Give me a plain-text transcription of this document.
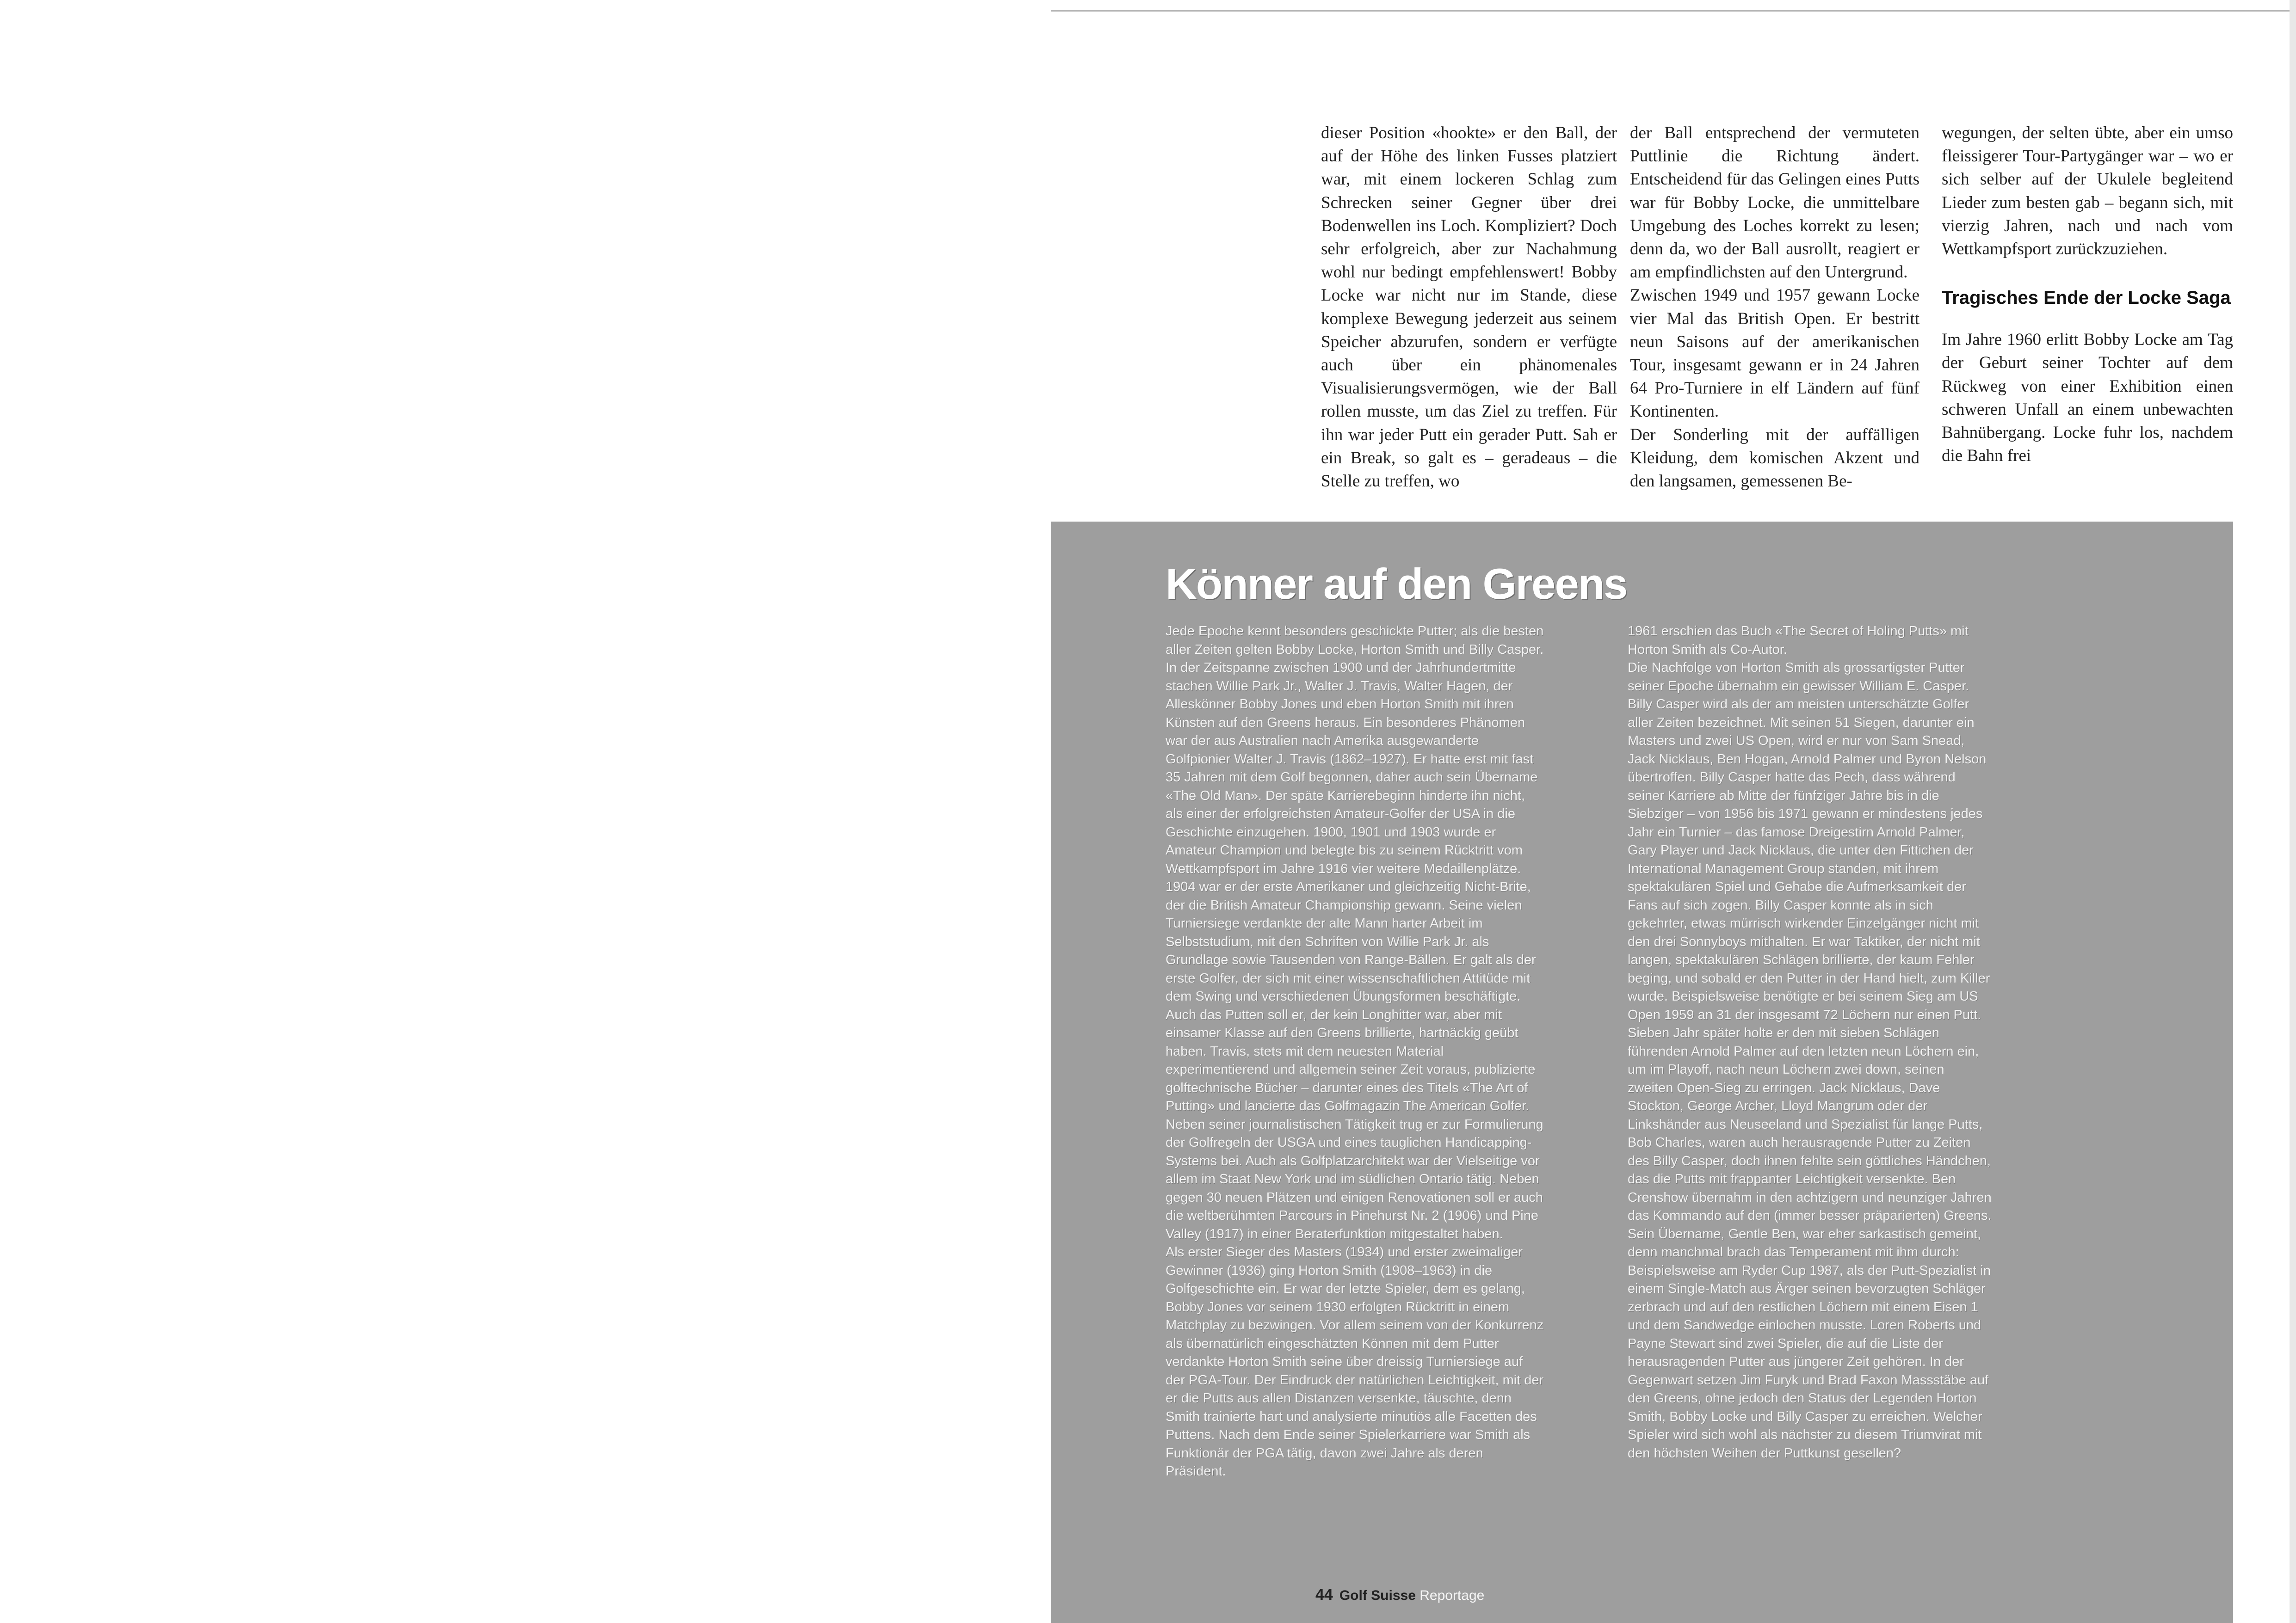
dieser Position «hookte» er den Ball, der auf der Höhe des linken Fusses platziert war, mit einem lockeren Schlag zum Schrecken seiner Gegner über drei Bodenwellen ins Loch. Kompliziert? Doch sehr erfolgreich, aber zur Nachahmung wohl nur bedingt empfehlenswert! Bobby Locke war nicht nur im Stande, diese komplexe Bewegung jederzeit aus seinem Speicher abzurufen, sondern er verfügte auch über ein phänomenales Visualisierungsvermögen, wie der Ball rollen musste, um das Ziel zu treffen. Für ihn war jeder Putt ein gerader Putt. Sah er ein Break, so galt es – geradeaus – die Stelle zu treffen, wo

der Ball entsprechend der vermuteten Puttlinie die Richtung ändert. Entscheidend für das Gelingen eines Putts war für Bobby Locke, die unmittelbare Umgebung des Loches korrekt zu lesen; denn da, wo der Ball ausrollt, reagiert er am empfindlichsten auf den Untergrund.

Zwischen 1949 und 1957 gewann Locke vier Mal das British Open. Er bestritt neun Saisons auf der amerikanischen Tour, insgesamt gewann er in 24 Jahren 64 Pro-Turniere in elf Ländern auf fünf Kontinenten.

Der Sonderling mit der auffälligen Kleidung, dem komischen Akzent und den langsamen, gemessenen Be-

wegungen, der selten übte, aber ein umso fleissigerer Tour-Partygänger war – wo er sich selber auf der Ukulele begleitend Lieder zum besten gab – begann sich, mit vierzig Jahren, nach und nach vom Wettkampfsport zurückzuziehen.

Tragisches Ende der Locke Saga

Im Jahre 1960 erlitt Bobby Locke am Tag der Geburt seiner Tochter auf dem Rückweg von einer Exhibition einen schweren Unfall an einem unbewachten Bahnübergang. Locke fuhr los, nachdem die Bahn frei

Könner auf den Greens

Jede Epoche kennt besonders geschickte Putter; als die besten aller Zeiten gelten Bobby Locke, Horton Smith und Billy Casper. In der Zeitspanne zwischen 1900 und der Jahrhundertmitte stachen Willie Park Jr., Walter J. Travis, Walter Hagen, der Alleskönner Bobby Jones und eben Horton Smith mit ihren Künsten auf den Greens heraus. Ein besonderes Phänomen war der aus Australien nach Amerika ausgewanderte Golfpionier Walter J. Travis (1862–1927). Er hatte erst mit fast 35 Jahren mit dem Golf begonnen, daher auch sein Übername «The Old Man». Der späte Karrierebeginn hinderte ihn nicht, als einer der erfolgreichsten Amateur-Golfer der USA in die Geschichte einzugehen. 1900, 1901 und 1903 wurde er Amateur Champion und belegte bis zu seinem Rücktritt vom Wettkampfsport im Jahre 1916 vier weitere Medaillenplätze. 1904 war er der erste Amerikaner und gleichzeitig Nicht-Brite, der die British Amateur Championship gewann. Seine vielen Turniersiege verdankte der alte Mann harter Arbeit im Selbststudium, mit den Schriften von Willie Park Jr. als Grundlage sowie Tausenden von Range-Bällen. Er galt als der erste Golfer, der sich mit einer wissenschaftlichen Attitüde mit dem Swing und verschiedenen Übungsformen beschäftigte. Auch das Putten soll er, der kein Longhitter war, aber mit einsamer Klasse auf den Greens brillierte, hartnäckig geübt haben. Travis, stets mit dem neuesten Material experimentierend und allgemein seiner Zeit voraus, publizierte golftechnische Bücher – darunter eines des Titels «The Art of Putting» und lancierte das Golfmagazin The American Golfer. Neben seiner journalistischen Tätigkeit trug er zur Formulierung der Golfregeln der USGA und eines tauglichen Handicapping-Systems bei. Auch als Golfplatzarchitekt war der Vielseitige vor allem im Staat New York und im südlichen Ontario tätig. Neben gegen 30 neuen Plätzen und einigen Renovationen soll er auch die weltberühmten Parcours in Pinehurst Nr. 2 (1906) und Pine Valley (1917) in einer Beraterfunktion mitgestaltet haben.

Als erster Sieger des Masters (1934) und erster zweimaliger Gewinner (1936) ging Horton Smith (1908–1963) in die Golfgeschichte ein. Er war der letzte Spieler, dem es gelang, Bobby Jones vor seinem 1930 erfolgten Rücktritt in einem Matchplay zu bezwingen. Vor allem seinem von der Konkurrenz als übernatürlich eingeschätzten Können mit dem Putter verdankte Horton Smith seine über dreissig Turniersiege auf der PGA-Tour. Der Eindruck der natürlichen Leichtigkeit, mit der er die Putts aus allen Distanzen versenkte, täuschte, denn Smith trainierte hart und analysierte minutiös alle Facetten des Puttens. Nach dem Ende seiner Spielerkarriere war Smith als Funktionär der PGA tätig, davon zwei Jahre als deren Präsident.

1961 erschien das Buch «The Secret of Holing Putts» mit Horton Smith als Co-Autor.

Die Nachfolge von Horton Smith als grossartigster Putter seiner Epoche übernahm ein gewisser William E. Casper. Billy Casper wird als der am meisten unterschätzte Golfer aller Zeiten bezeichnet. Mit seinen 51 Siegen, darunter ein Masters und zwei US Open, wird er nur von Sam Snead, Jack Nicklaus, Ben Hogan, Arnold Palmer und Byron Nelson übertroffen. Billy Casper hatte das Pech, dass während seiner Karriere ab Mitte der fünfziger Jahre bis in die Siebziger – von 1956 bis 1971 gewann er mindestens jedes Jahr ein Turnier – das famose Dreigestirn Arnold Palmer, Gary Player und Jack Nicklaus, die unter den Fittichen der International Management Group standen, mit ihrem spektakulären Spiel und Gehabe die Aufmerksamkeit der Fans auf sich zogen. Billy Casper konnte als in sich gekehrter, etwas mürrisch wirkender Einzelgänger nicht mit den drei Sonnyboys mithalten. Er war Taktiker, der nicht mit langen, spektakulären Schlägen brillierte, der kaum Fehler beging, und sobald er den Putter in der Hand hielt, zum Killer wurde. Beispielsweise benötigte er bei seinem Sieg am US Open 1959 an 31 der insgesamt 72 Löchern nur einen Putt. Sieben Jahr später holte er den mit sieben Schlägen führenden Arnold Palmer auf den letzten neun Löchern ein, um im Playoff, nach neun Löchern zwei down, seinen zweiten Open-Sieg zu erringen. Jack Nicklaus, Dave Stockton, George Archer, Lloyd Mangrum oder der Linkshänder aus Neuseeland und Spezialist für lange Putts, Bob Charles, waren auch herausragende Putter zu Zeiten des Billy Casper, doch ihnen fehlte sein göttliches Händchen, das die Putts mit frappanter Leichtigkeit versenkte. Ben Crenshow übernahm in den achtzigern und neunziger Jahren das Kommando auf den (immer besser präparierten) Greens. Sein Übername, Gentle Ben, war eher sarkastisch gemeint, denn manchmal brach das Temperament mit ihm durch: Beispielsweise am Ryder Cup 1987, als der Putt-Spezialist in einem Single-Match aus Ärger seinen bevorzugten Schläger zerbrach und auf den restlichen Löchern mit einem Eisen 1 und dem Sandwedge einlochen musste. Loren Roberts und Payne Stewart sind zwei Spieler, die auf die Liste der herausragenden Putter aus jüngerer Zeit gehören. In der Gegenwart setzen Jim Furyk und Brad Faxon Massstäbe auf den Greens, ohne jedoch den Status der Legenden Horton Smith, Bobby Locke und Billy Casper zu erreichen. Welcher Spieler wird sich wohl als nächster zu diesem Triumvirat mit den höchsten Weihen der Puttkunst gesellen?

44 Golf Suisse Reportage
